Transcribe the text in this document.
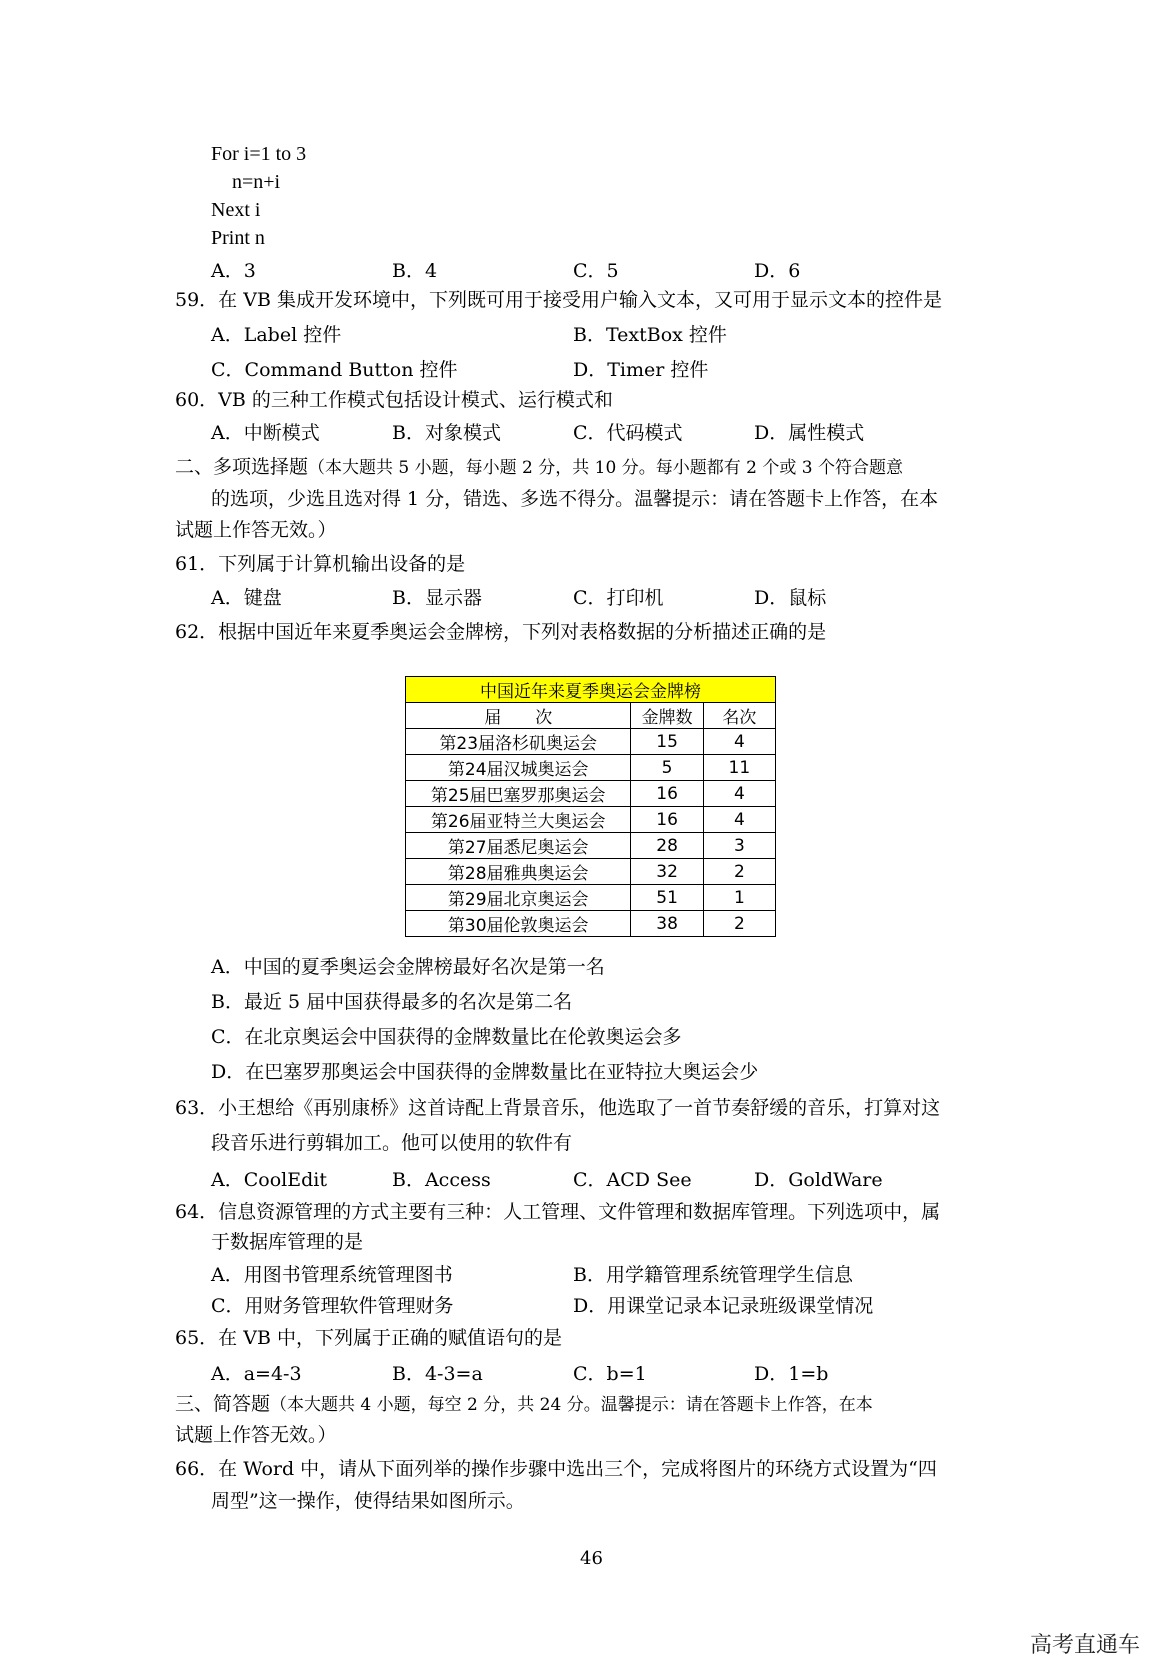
For i=1 to 3
n=n+i
Next i
Print n
A．3	B．4	C．5	D．6
59．在 VB 集成开发环境中，下列既可用于接受用户输入文本，又可用于显示文本的控件是
A．Label 控件	B．TextBox 控件
C．Command Button 控件	D．Timer 控件
60．VB 的三种工作模式包括设计模式、运行模式和
A．中断模式	B．对象模式	C．代码模式	D．属性模式
二、多项选择题（本大题共 5 小题，每小题 2 分，共 10 分。每小题都有 2 个或 3 个符合题意
的选项，少选且选对得 1 分，错选、多选不得分。温馨提示：请在答题卡上作答，在本
试题上作答无效。）
61．下列属于计算机输出设备的是
A．键盘	B．显示器	C．打印机	D．鼠标
62．根据中国近年来夏季奥运会金牌榜，下列对表格数据的分析描述正确的是
中国近年来夏季奥运会金牌榜		
届　　次	金牌数	名次
第23届洛杉矶奥运会	15	4
第24届汉城奥运会	5	11
第25届巴塞罗那奥运会	16	4
第26届亚特兰大奥运会	16	4
第27届悉尼奥运会	28	3
第28届雅典奥运会	32	2
第29届北京奥运会	51	1
第30届伦敦奥运会	38	2
A．中国的夏季奥运会金牌榜最好名次是第一名
B．最近 5 届中国获得最多的名次是第二名
C．在北京奥运会中国获得的金牌数量比在伦敦奥运会多
D．在巴塞罗那奥运会中国获得的金牌数量比在亚特拉大奥运会少
63．小王想给《再别康桥》这首诗配上背景音乐，他选取了一首节奏舒缓的音乐，打算对这
段音乐进行剪辑加工。他可以使用的软件有
A．CoolEdit	B．Access	C．ACD See	D．GoldWare
64．信息资源管理的方式主要有三种：人工管理、文件管理和数据库管理。下列选项中，属
于数据库管理的是
A．用图书管理系统管理图书	B．用学籍管理系统管理学生信息
C．用财务管理软件管理财务	D．用课堂记录本记录班级课堂情况
65．在 VB 中，下列属于正确的赋值语句的是
A．a=4-3	B．4-3=a	C．b=1	D．1=b
三、简答题（本大题共 4 小题，每空 2 分，共 24 分。温馨提示：请在答题卡上作答，在本
试题上作答无效。）
66．在 Word 中，请从下面列举的操作步骤中选出三个，完成将图片的环绕方式设置为“四
周型”这一操作，使得结果如图所示。
46
高考直通车
